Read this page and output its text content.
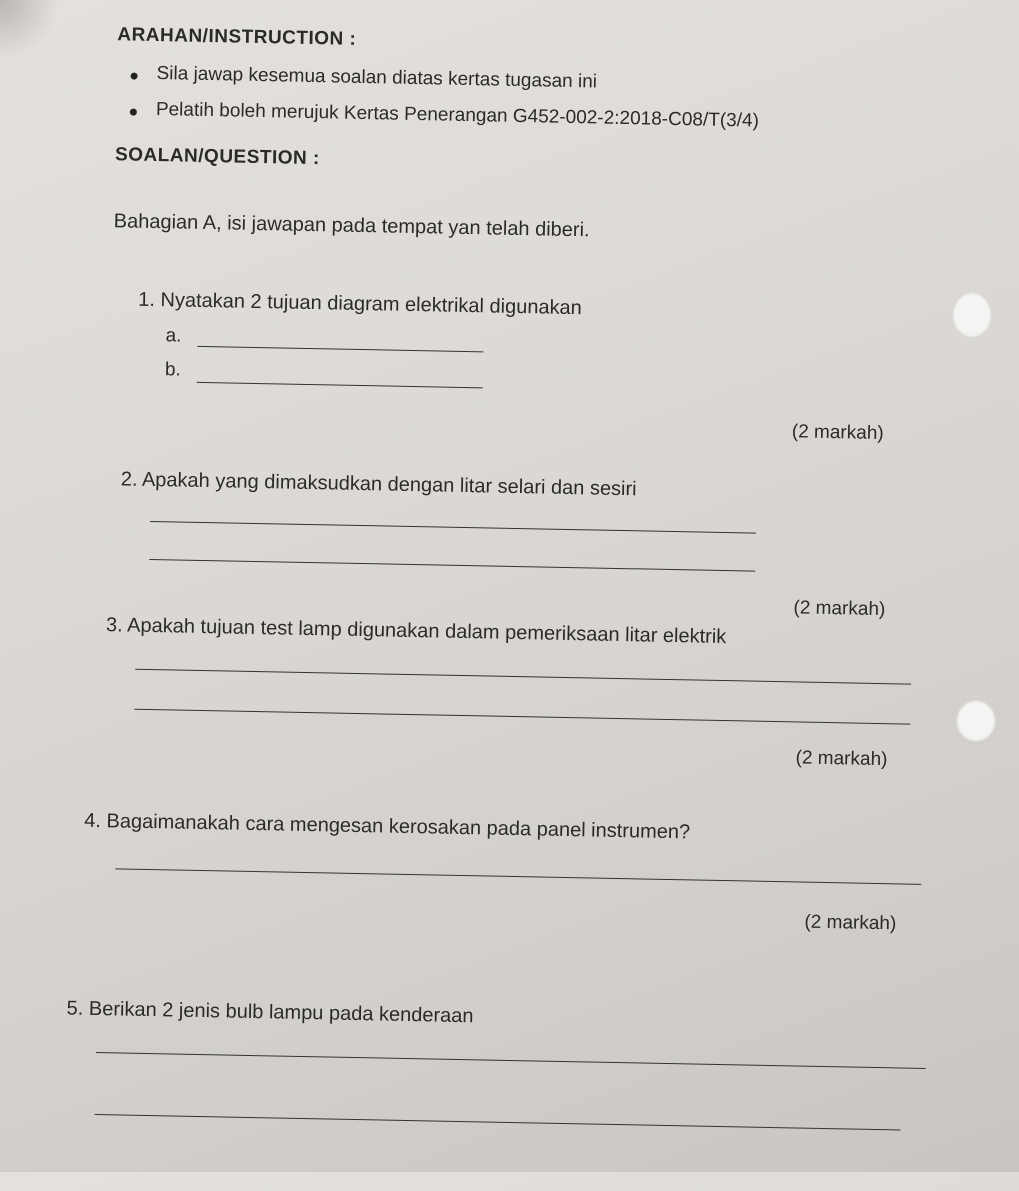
ARAHAN/INSTRUCTION :
Sila jawap kesemua soalan diatas kertas tugasan ini
Pelatih boleh merujuk Kertas Penerangan G452-002-2:2018-C08/T(3/4)
SOALAN/QUESTION :
Bahagian A, isi jawapan pada tempat yan telah diberi.
1. Nyatakan 2 tujuan diagram elektrikal digunakan
a.
b.
(2 markah)
2. Apakah yang dimaksudkan dengan litar selari dan sesiri
(2 markah)
3. Apakah tujuan test lamp digunakan dalam pemeriksaan litar elektrik
(2 markah)
4. Bagaimanakah cara mengesan kerosakan pada panel instrumen?
(2 markah)
5. Berikan 2 jenis bulb lampu pada kenderaan
